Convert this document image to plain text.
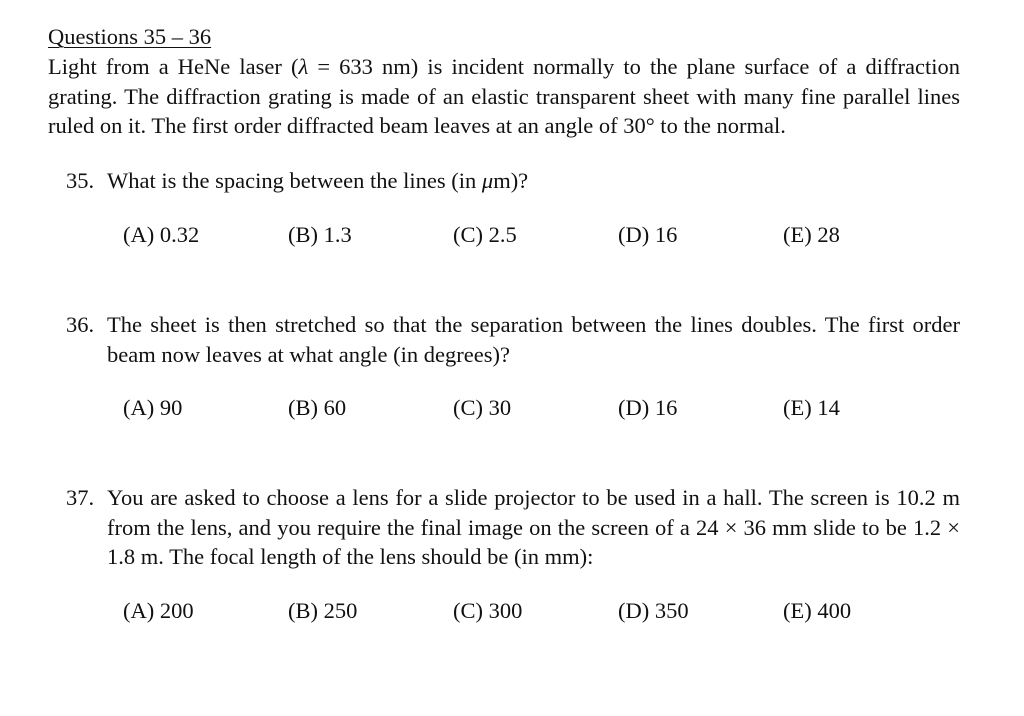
Questions 35 – 36
Light from a HeNe laser (λ = 633 nm) is incident normally to the plane surface of a diffraction grating. The diffraction grating is made of an elastic transparent sheet with many fine parallel lines ruled on it. The first order diffracted beam leaves at an angle of 30° to the normal.
35. What is the spacing between the lines (in μm)?
(A) 0.32	(B) 1.3	(C) 2.5	(D) 16	(E) 28
36. The sheet is then stretched so that the separation between the lines doubles. The first order beam now leaves at what angle (in degrees)?
(A) 90	(B) 60	(C) 30	(D) 16	(E) 14
37. You are asked to choose a lens for a slide projector to be used in a hall. The screen is 10.2 m from the lens, and you require the final image on the screen of a 24 × 36 mm slide to be 1.2 × 1.8 m. The focal length of the lens should be (in mm):
(A) 200	(B) 250	(C) 300	(D) 350	(E) 400
